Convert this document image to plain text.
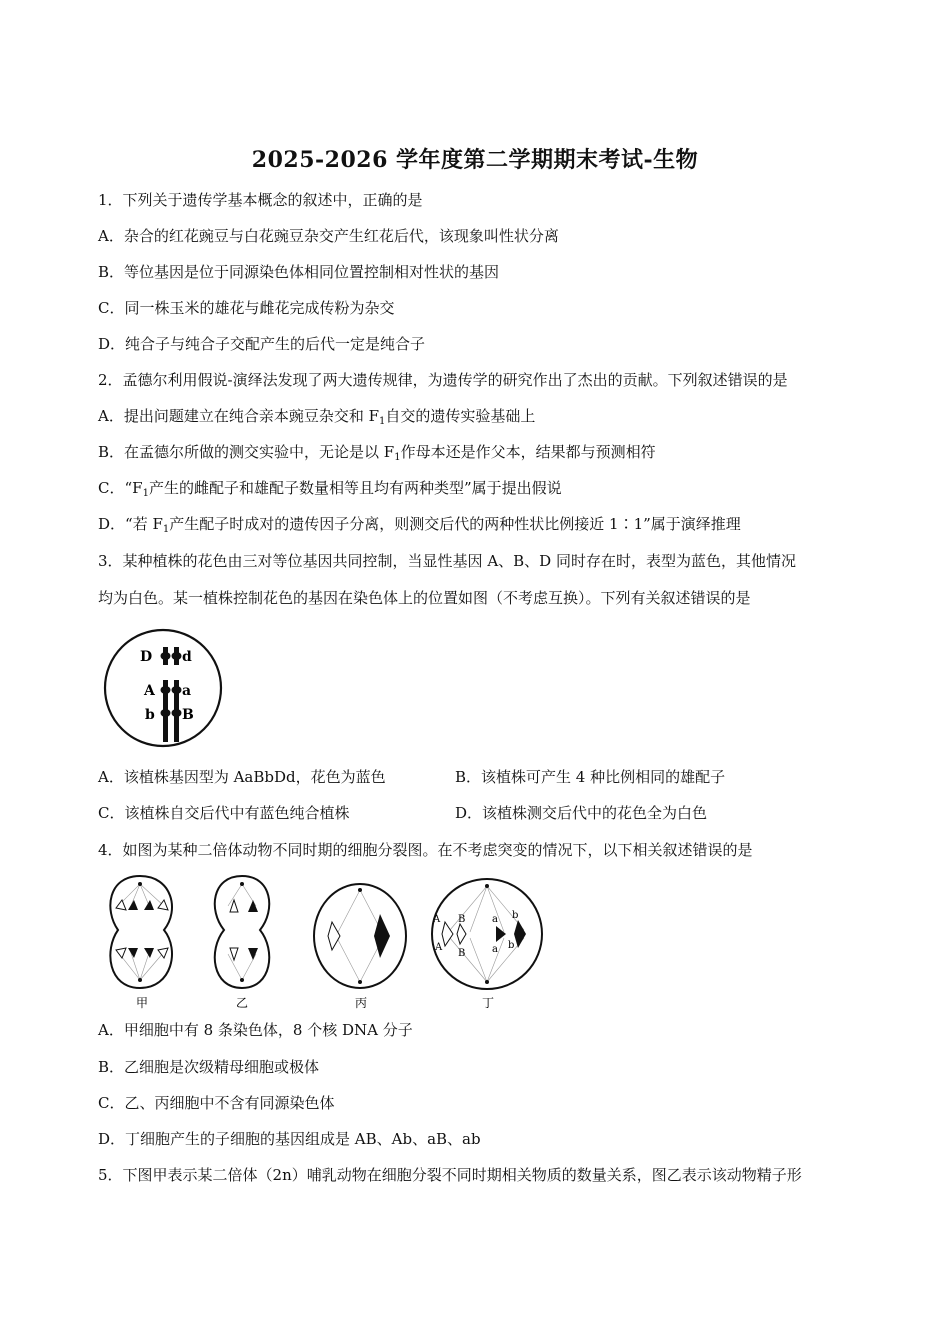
2025-2026 学年度第二学期期末考试-生物
1．下列关于遗传学基本概念的叙述中，正确的是
A．杂合的红花豌豆与白花豌豆杂交产生红花后代，该现象叫性状分离
B．等位基因是位于同源染色体相同位置控制相对性状的基因
C．同一株玉米的雄花与雌花完成传粉为杂交
D．纯合子与纯合子交配产生的后代一定是纯合子
2．孟德尔利用假说-演绎法发现了两大遗传规律，为遗传学的研究作出了杰出的贡献。下列叙述错误的是
A．提出问题建立在纯合亲本豌豆杂交和 $F_1$自交的遗传实验基础上
B．在孟德尔所做的测交实验中，无论是以 $F_1$作母本还是作父本，结果都与预测相符
C．“$F_1$产生的雌配子和雄配子数量相等且均有两种类型”属于提出假说
D．“若 $F_1$产生配子时成对的遗传因子分离，则测交后代的两种性状比例接近 1∶1”属于演绎推理
3．某种植株的花色由三对等位基因共同控制，当显性基因 A、B、D 同时存在时，表型为蓝色，其他情况
均为白色。某一植株控制花色的基因在染色体上的位置如图（不考虑互换）。下列有关叙述错误的是
D d
A a
b B
A．该植株基因型为 AaBbDd，花色为蓝色	B．该植株可产生 4 种比例相同的雄配子
C．该植株自交后代中有蓝色纯合植株	D．该植株测交后代中的花色全为白色
4．如图为某种二倍体动物不同时期的细胞分裂图。在不考虑突变的情况下，以下相关叙述错误的是
A B	a b
A
B	a b
甲	乙	丙	丁
A．甲细胞中有 8 条染色体，8 个核 DNA 分子
B．乙细胞是次级精母细胞或极体
C．乙、丙细胞中不含有同源染色体
D．丁细胞产生的子细胞的基因组成是 AB、Ab、aB、ab
5．下图甲表示某二倍体（2n）哺乳动物在细胞分裂不同时期相关物质的数量关系，图乙表示该动物精子形
